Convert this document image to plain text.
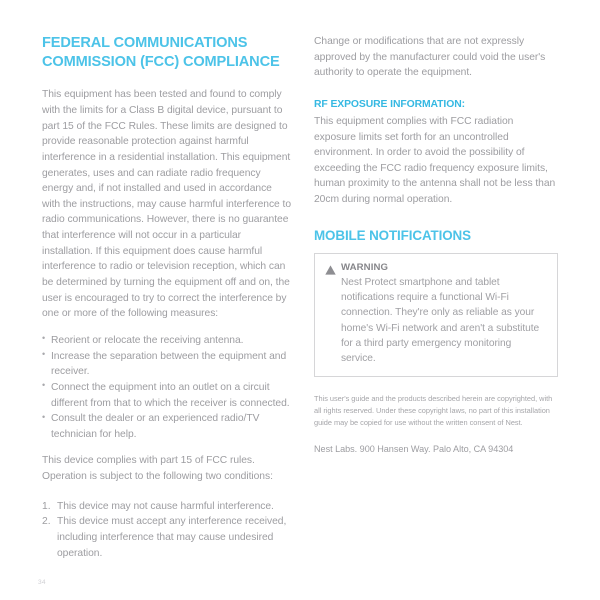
FEDERAL COMMUNICATIONS COMMISSION (FCC) COMPLIANCE

This equipment has been tested and found to comply with the limits for a Class B digital device, pursuant to part 15 of the FCC Rules. These limits are designed to provide reasonable protection against harmful interference in a residential installation. This equipment generates, uses and can radiate radio frequency energy and, if not installed and used in accordance with the instructions, may cause harmful interference to radio communications. However, there is no guarantee that interference will not occur in a particular installation. If this equipment does cause harmful interference to radio or television reception, which can be determined by turning the equipment off and on, the user is encouraged to try to correct the interference by one or more of the following measures:

• Reorient or relocate the receiving antenna.
• Increase the separation between the equipment and receiver.
• Connect the equipment into an outlet on a circuit different from that to which the receiver is connected.
• Consult the dealer or an experienced radio/TV technician for help.

This device complies with part 15 of FCC rules. Operation is subject to the following two conditions:

This device may not cause harmful interference.
This device must accept any interference received, including interference that may cause undesired operation.

Change or modifications that are not expressly approved by the manufacturer could void the user's authority to operate the equipment.

RF EXPOSURE INFORMATION:

This equipment complies with FCC radiation exposure limits set forth for an uncontrolled environment. In order to avoid the possibility of exceeding the FCC radio frequency exposure limits, human proximity to the antenna shall not be less than 20cm during normal operation.

MOBILE NOTIFICATIONS
WARNING

Nest Protect smartphone and tablet notifications require a functional Wi-Fi connection. They're only as reliable as your home's Wi-Fi network and aren't a substitute for a third party emergency monitoring service.

This user's guide and the products described herein are copyrighted, with all rights reserved. Under these copyright laws, no part of this installation guide may be copied for use without the written consent of Nest.

Nest Labs. 900 Hansen Way. Palo Alto, CA 94304

34
